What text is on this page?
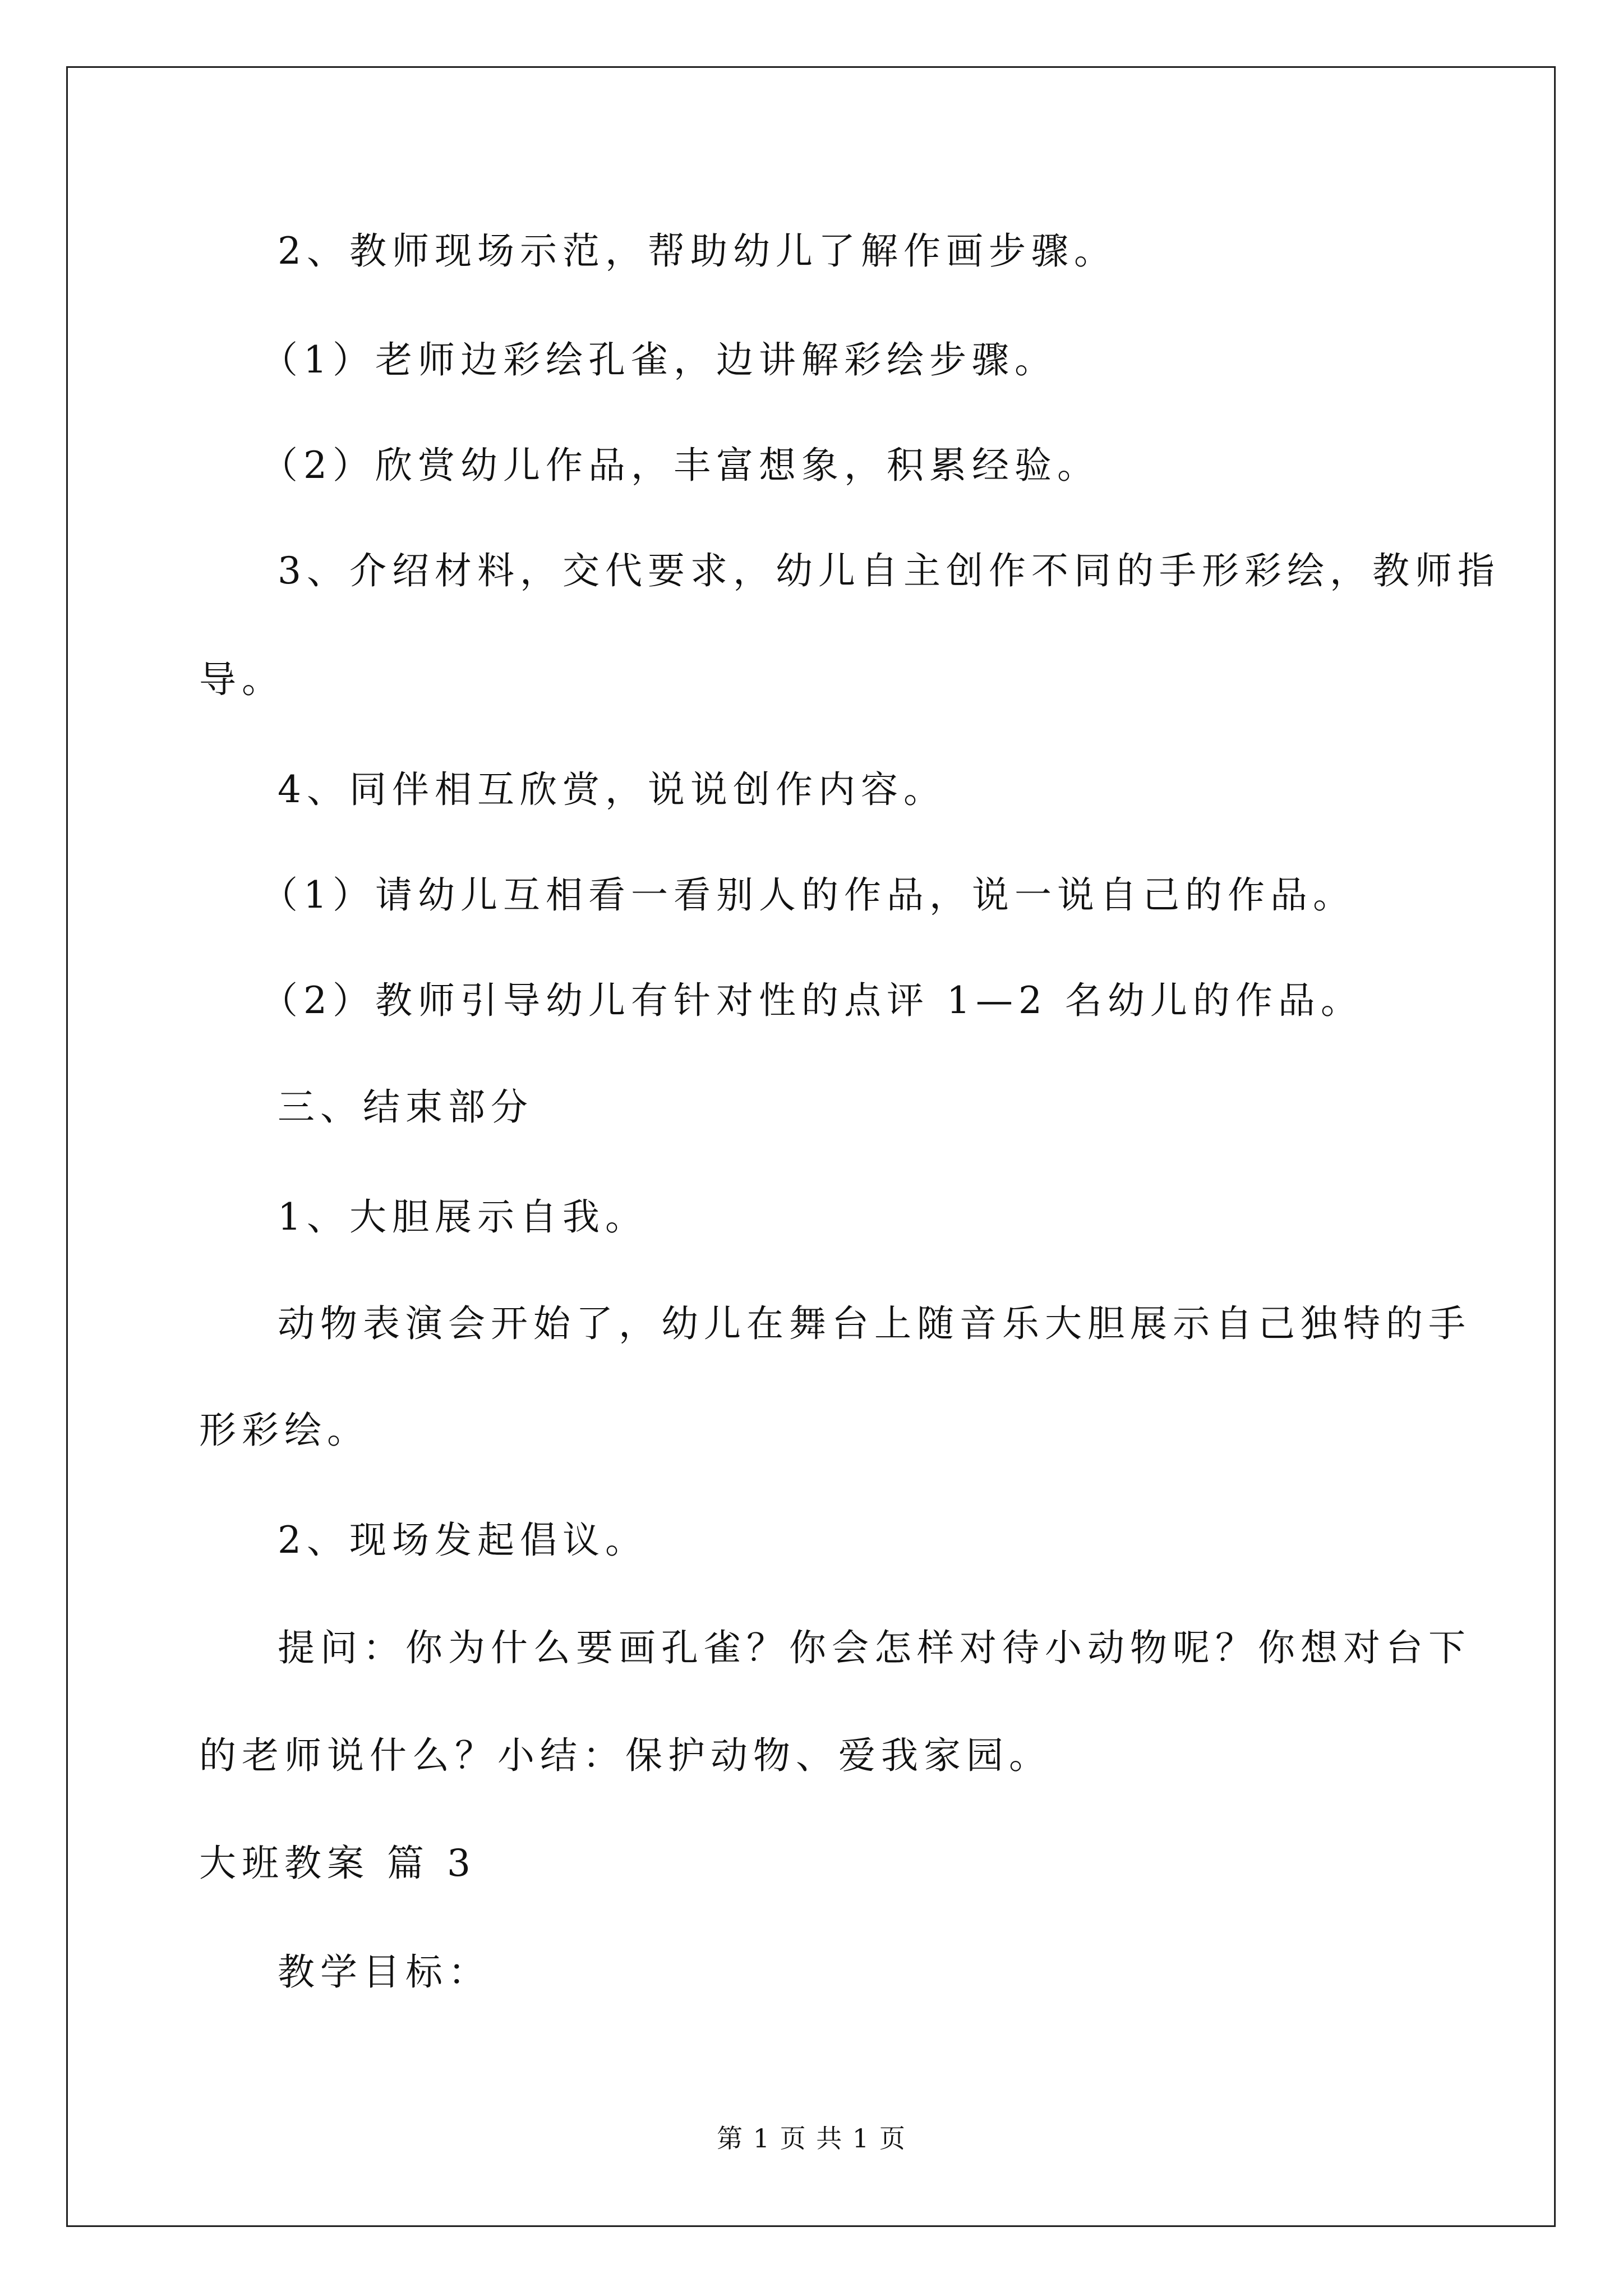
2、教师现场示范，帮助幼儿了解作画步骤。
（1）老师边彩绘孔雀，边讲解彩绘步骤。
（2）欣赏幼儿作品，丰富想象，积累经验。
3、介绍材料，交代要求，幼儿自主创作不同的手形彩绘，教师指
导。
4、同伴相互欣赏，说说创作内容。
（1）请幼儿互相看一看别人的作品，说一说自己的作品。
（2）教师引导幼儿有针对性的点评 1—2 名幼儿的作品。
三、结束部分
1、大胆展示自我。
动物表演会开始了，幼儿在舞台上随音乐大胆展示自己独特的手
形彩绘。
2、现场发起倡议。
提问：你为什么要画孔雀？你会怎样对待小动物呢？你想对台下
的老师说什么？小结：保护动物、爱我家园。
大班教案 篇 3
教学目标：
第 1 页 共 1 页
